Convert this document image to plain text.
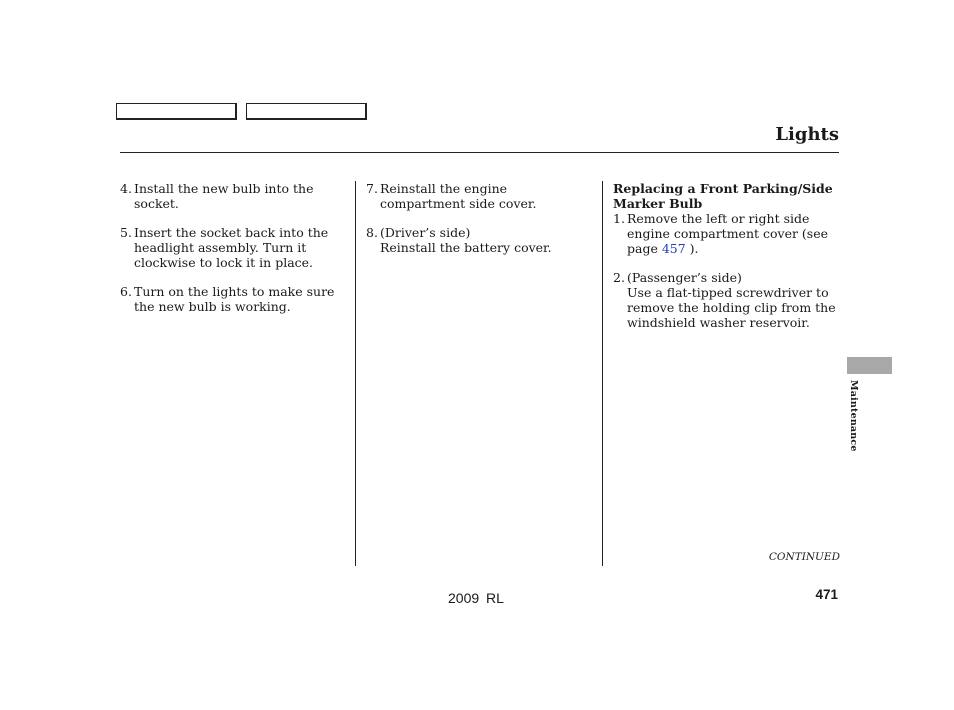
Lights
4. Install the new bulb into the socket.
5. Insert the socket back into the headlight assembly. Turn it clockwise to lock it in place.
6. Turn on the lights to make sure the new bulb is working.
7. Reinstall the engine compartment side cover.
8. (Driver’s side)
Reinstall the battery cover.

Replacing a Front Parking/Side Marker Bulb

1. Remove the left or right side engine compartment cover (see page 457 ).
2. (Passenger’s side)
Use a flat-tipped screwdriver to remove the holding clip from the windshield washer reservoir.
Maintenance
CONTINUED
2009 RL	471
